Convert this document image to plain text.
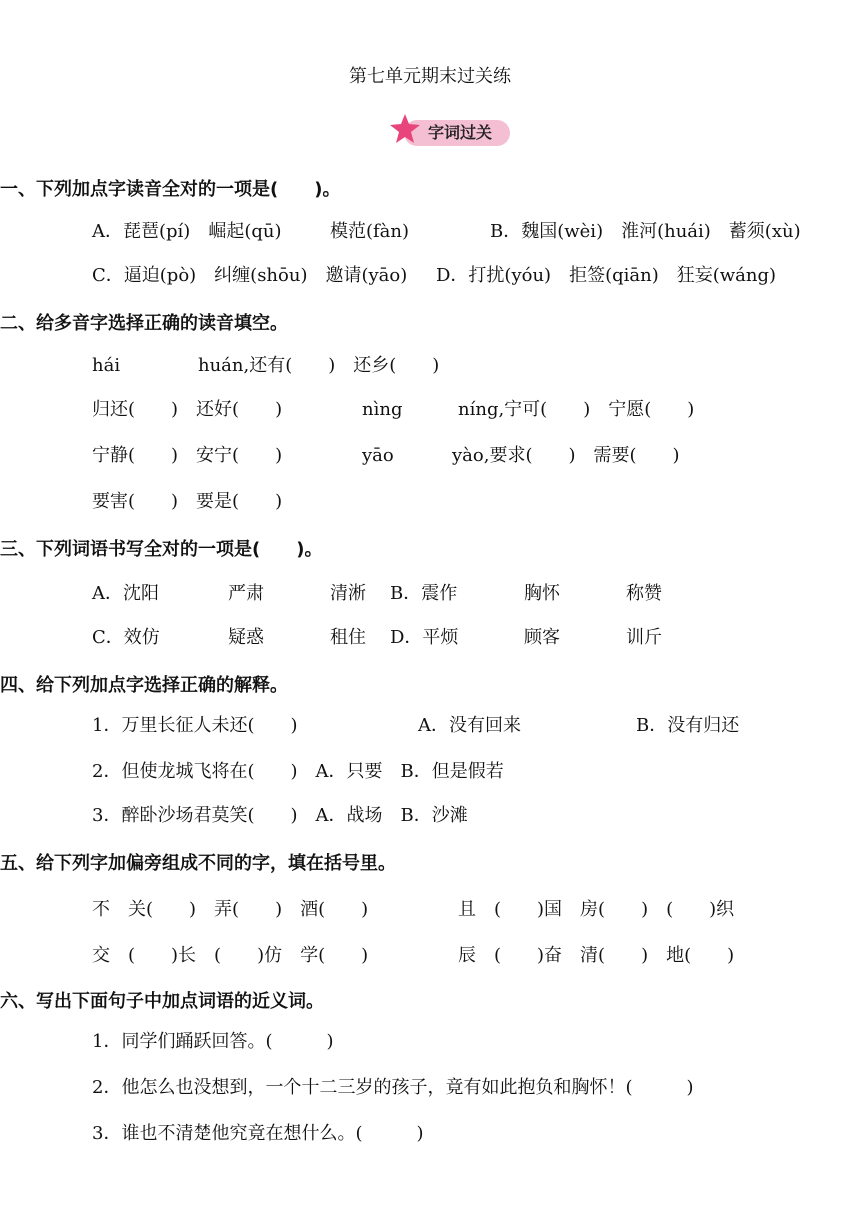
第七单元期末过关练
字词过关
一、下列加点字读音全对的一项是(　　)。
A．琵琶(pí)　崛起(qū)	模范(fàn)	B．魏国(wèi)　淮河(huái)　蓄须(xù)
C．逼迫(pò)　纠缠(shōu)　邀请(yāo) D．打扰(yóu)　拒签(qiān)　狂妄(wáng)
二、给多音字选择正确的读音填空。
hái	huán,还有(　　)　还乡(　　)
归还(　　)　还好(　　)	nìng	níng,宁可(　　)　宁愿(　　)
宁静(　　)　安宁(　　)	yāo	yào,要求(　　)　需要(　　)
要害(　　)　要是(　　)
三、下列词语书写全对的一项是(　　)。
A．沈阳	严肃	清淅 B．震作	胸怀	称赞
C．效仿	疑惑	租住 D．平烦	顾客	训斤
四、给下列加点字选择正确的解释。
1．万里长征人未还(　　)	A．没有回来	B．没有归还
2．但使龙城飞将在(　　)　A．只要　B．但是假若
3．醉卧沙场君莫笑(　　)　A．战场　B．沙滩
五、给下列字加偏旁组成不同的字，填在括号里。
不　关(　　)　弄(　　)　酒(　　)	且　(　　)国　房(　　)　(　　)织
交　(　　)长　(　　)仿　学(　　)	辰　(　　)奋　清(　　)　地(　　)
六、写出下面句子中加点词语的近义词。
1．同学们踊跃回答。(　　　)
2．他怎么也没想到，一个十二三岁的孩子，竟有如此抱负和胸怀！(　　　)
3．谁也不清楚他究竟在想什么。(　　　)
